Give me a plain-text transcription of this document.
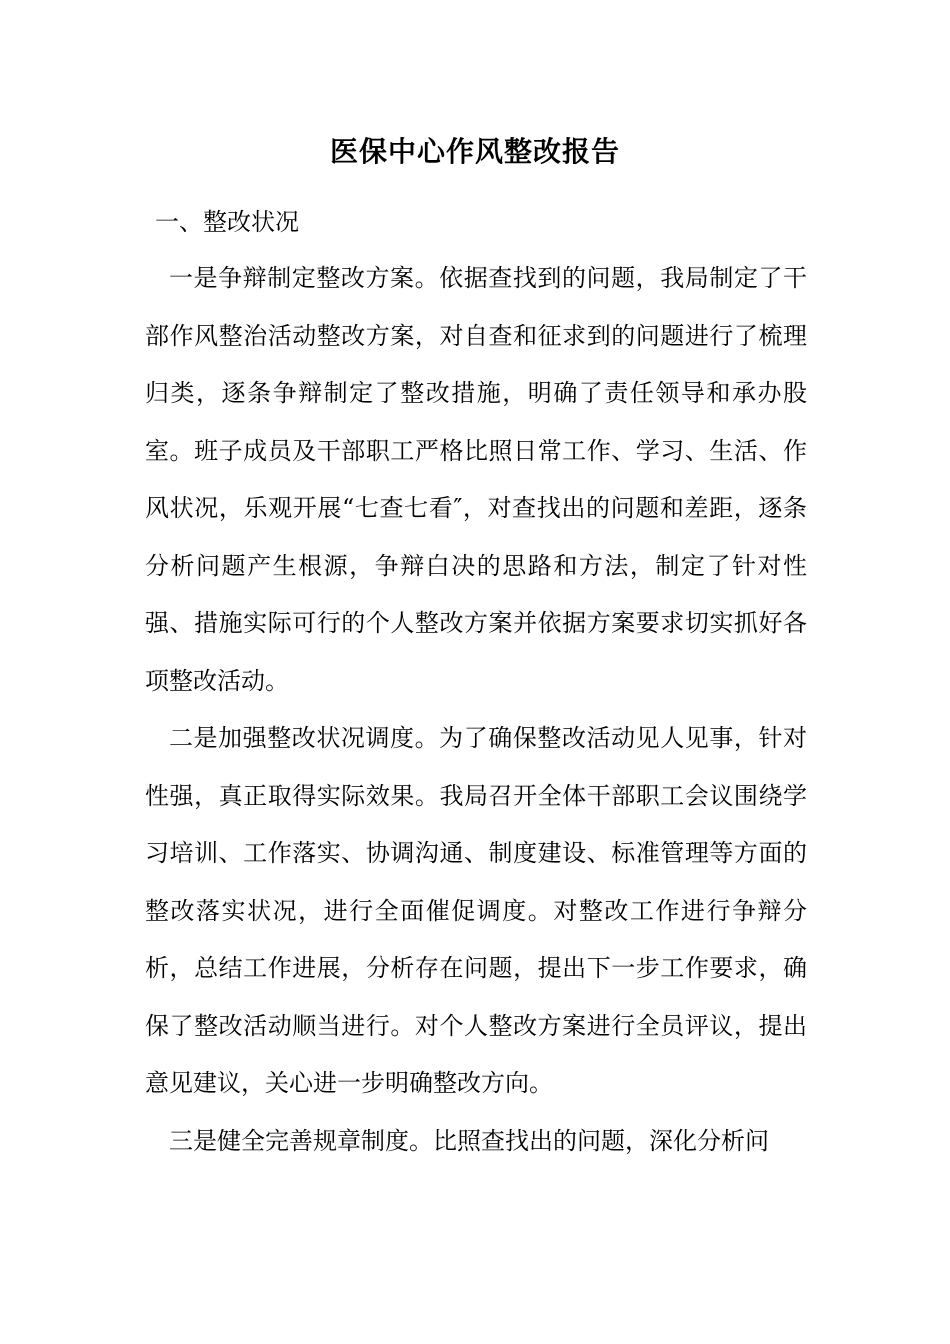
医保中心作风整改报告
一、整改状况

一是争辩制定整改方案。依据查找到的问题，我局制定了干部作风整治活动整改方案，对自查和征求到的问题进行了梳理归类，逐条争辩制定了整改措施，明确了责任领导和承办股室。班子成员及干部职工严格比照日常工作、学习、生活、作风状况，乐观开展“七查七看″，对查找出的问题和差距，逐条分析问题产生根源，争辩白决的思路和方法，制定了针对性强、措施实际可行的个人整改方案并依据方案要求切实抓好各项整改活动。

二是加强整改状况调度。为了确保整改活动见人见事，针对性强，真正取得实际效果。我局召开全体干部职工会议围绕学习培训、工作落实、协调沟通、制度建设、标准管理等方面的整改落实状况，进行全面催促调度。对整改工作进行争辩分析，总结工作进展，分析存在问题，提出下一步工作要求，确保了整改活动顺当进行。对个人整改方案进行全员评议，提出意见建议，关心进一步明确整改方向。

三是健全完善规章制度。比照查找出的问题，深化分析问
